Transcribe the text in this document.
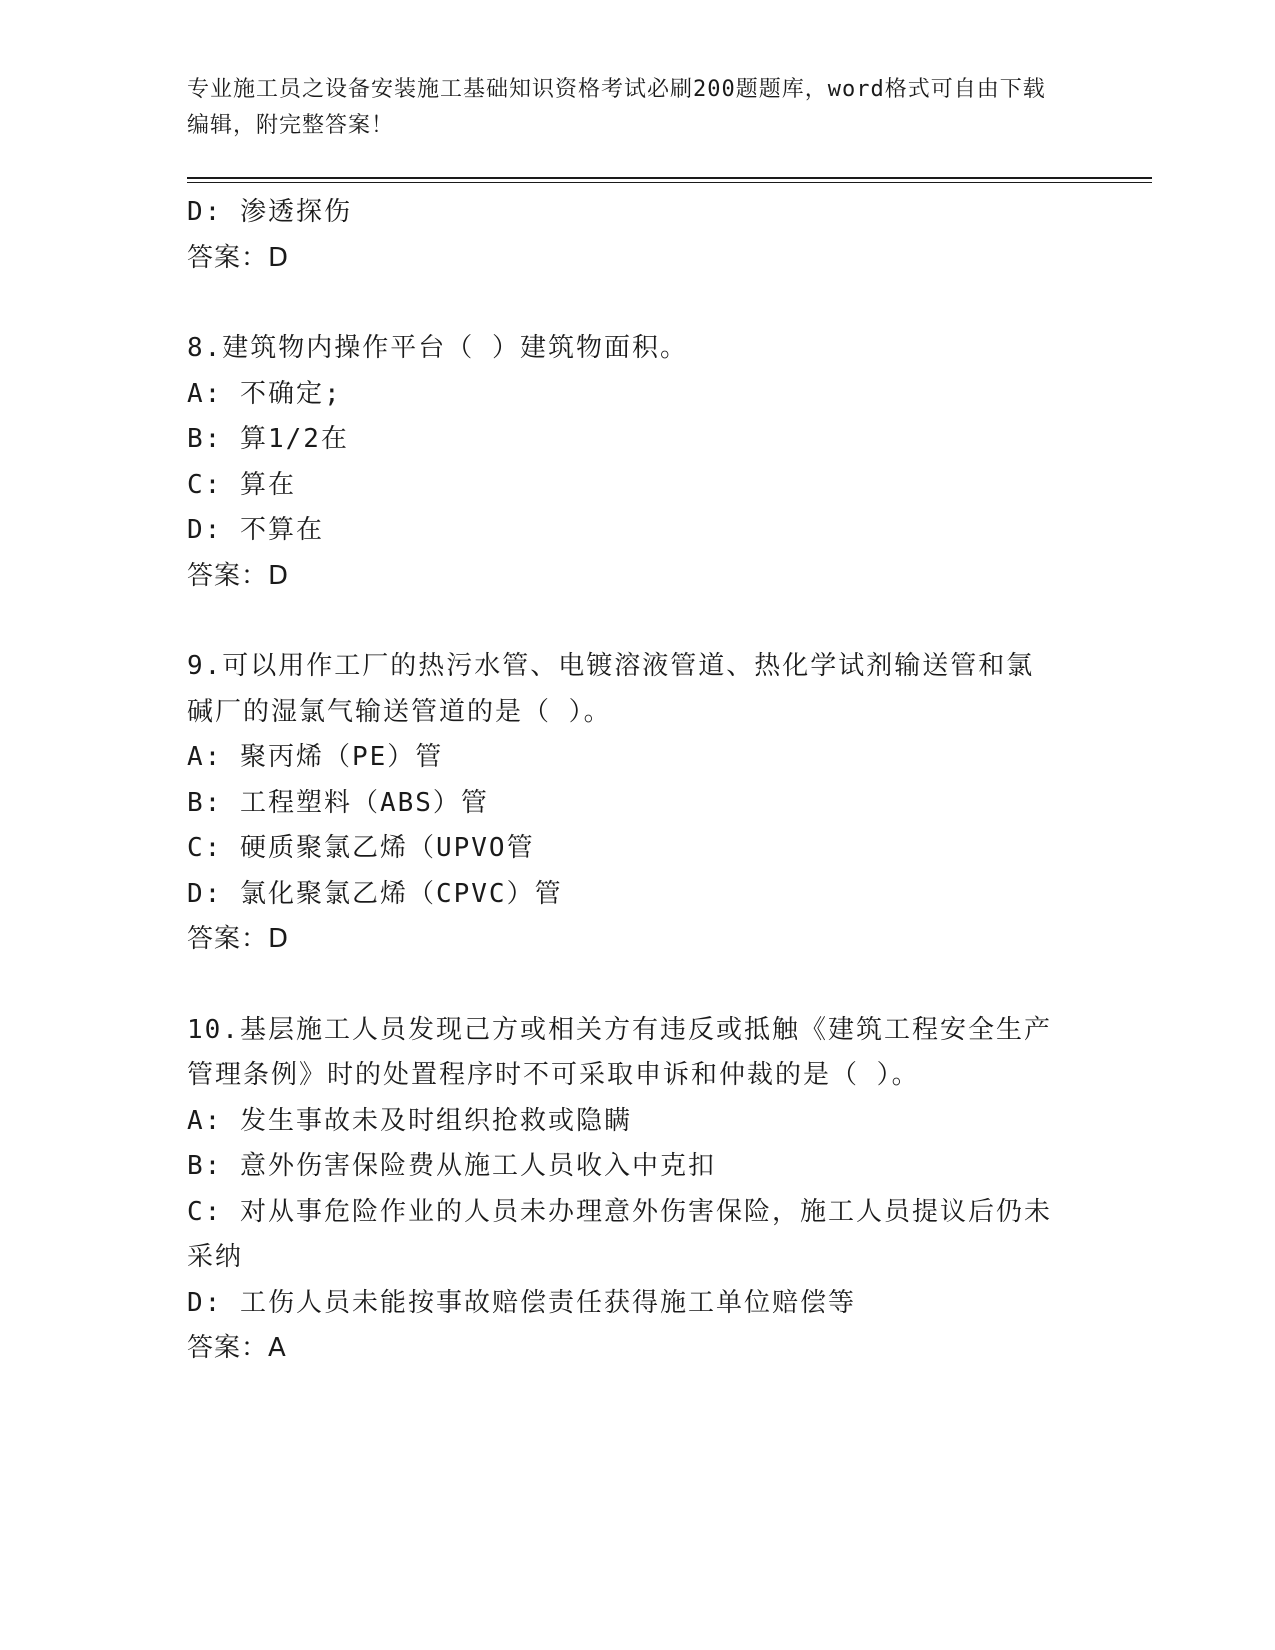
专业施工员之设备安装施工基础知识资格考试必刷200题题库，word格式可自由下载编辑，附完整答案！
D: 渗透探伤
答案：D
8.建筑物内操作平台（ ）建筑物面积。
A: 不确定;
B: 算1/2在
C: 算在
D: 不算在
答案：D
9.可以用作工厂的热污水管、电镀溶液管道、热化学试剂输送管和氯
碱厂的湿氯气输送管道的是（ ）。
A: 聚丙烯（PE）管
B: 工程塑料（ABS）管
C: 硬质聚氯乙烯（UPVO管
D: 氯化聚氯乙烯（CPVC）管
答案：D
10.基层施工人员发现己方或相关方有违反或抵触《建筑工程安全生产
管理条例》时的处置程序时不可采取申诉和仲裁的是（ ）。
A: 发生事故未及时组织抢救或隐瞒
B: 意外伤害保险费从施工人员收入中克扣
C: 对从事危险作业的人员未办理意外伤害保险，施工人员提议后仍未
采纳
D: 工伤人员未能按事故赔偿责任获得施工单位赔偿等
答案：A
